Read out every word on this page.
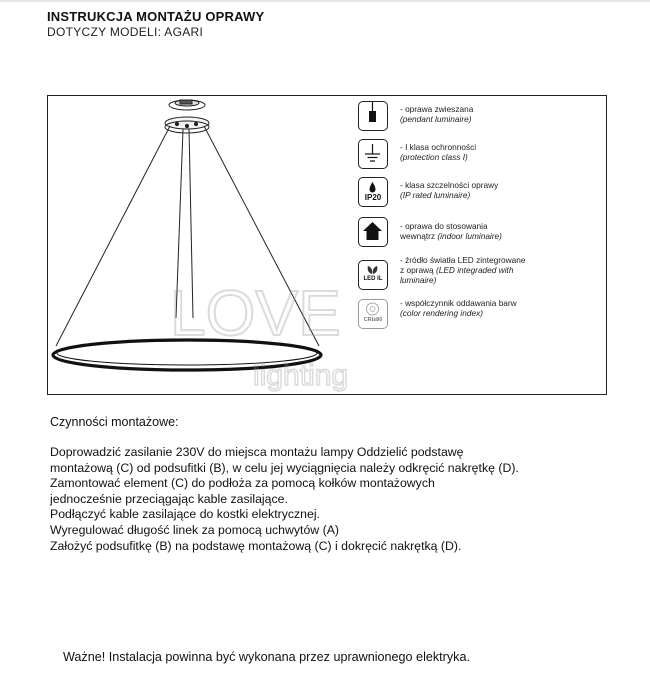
INSTRUKCJA MONTAŻU OPRAWY
DOTYCZY MODELI: AGARI
LOVE
lighting
- oprawa zwieszana
(pendant luminaire)
- I klasa ochronności
(protection class I)
IP20
- klasa szczelności oprawy
(IP rated luminaire)
- oprawa do stosowania
wewnątrz (indoor luminaire)
LED IL
- źródło światła LED zintegrowane
z oprawą (LED integraded with
luminaire)
CRI≥80
- współczynnik oddawania barw
(color rendering index)
Czynności montażowe:
Doprowadzić zasilanie 230V do miejsca montażu lampy Oddzielić podstawę
montażową (C) od podsufitki (B), w celu jej wyciągnięcia należy odkręcić nakrętkę (D).
Zamontować element (C) do podłoża za pomocą kołków montażowych
jednocześnie przeciągając kable zasilające.
Podłączyć kable zasilające do kostki elektrycznej.
Wyregulować długość linek za pomocą uchwytów (A)
Założyć podsufitkę (B) na podstawę montażową (C) i dokręcić nakrętką (D).
Ważne! Instalacja powinna być wykonana przez uprawnionego elektryka.
